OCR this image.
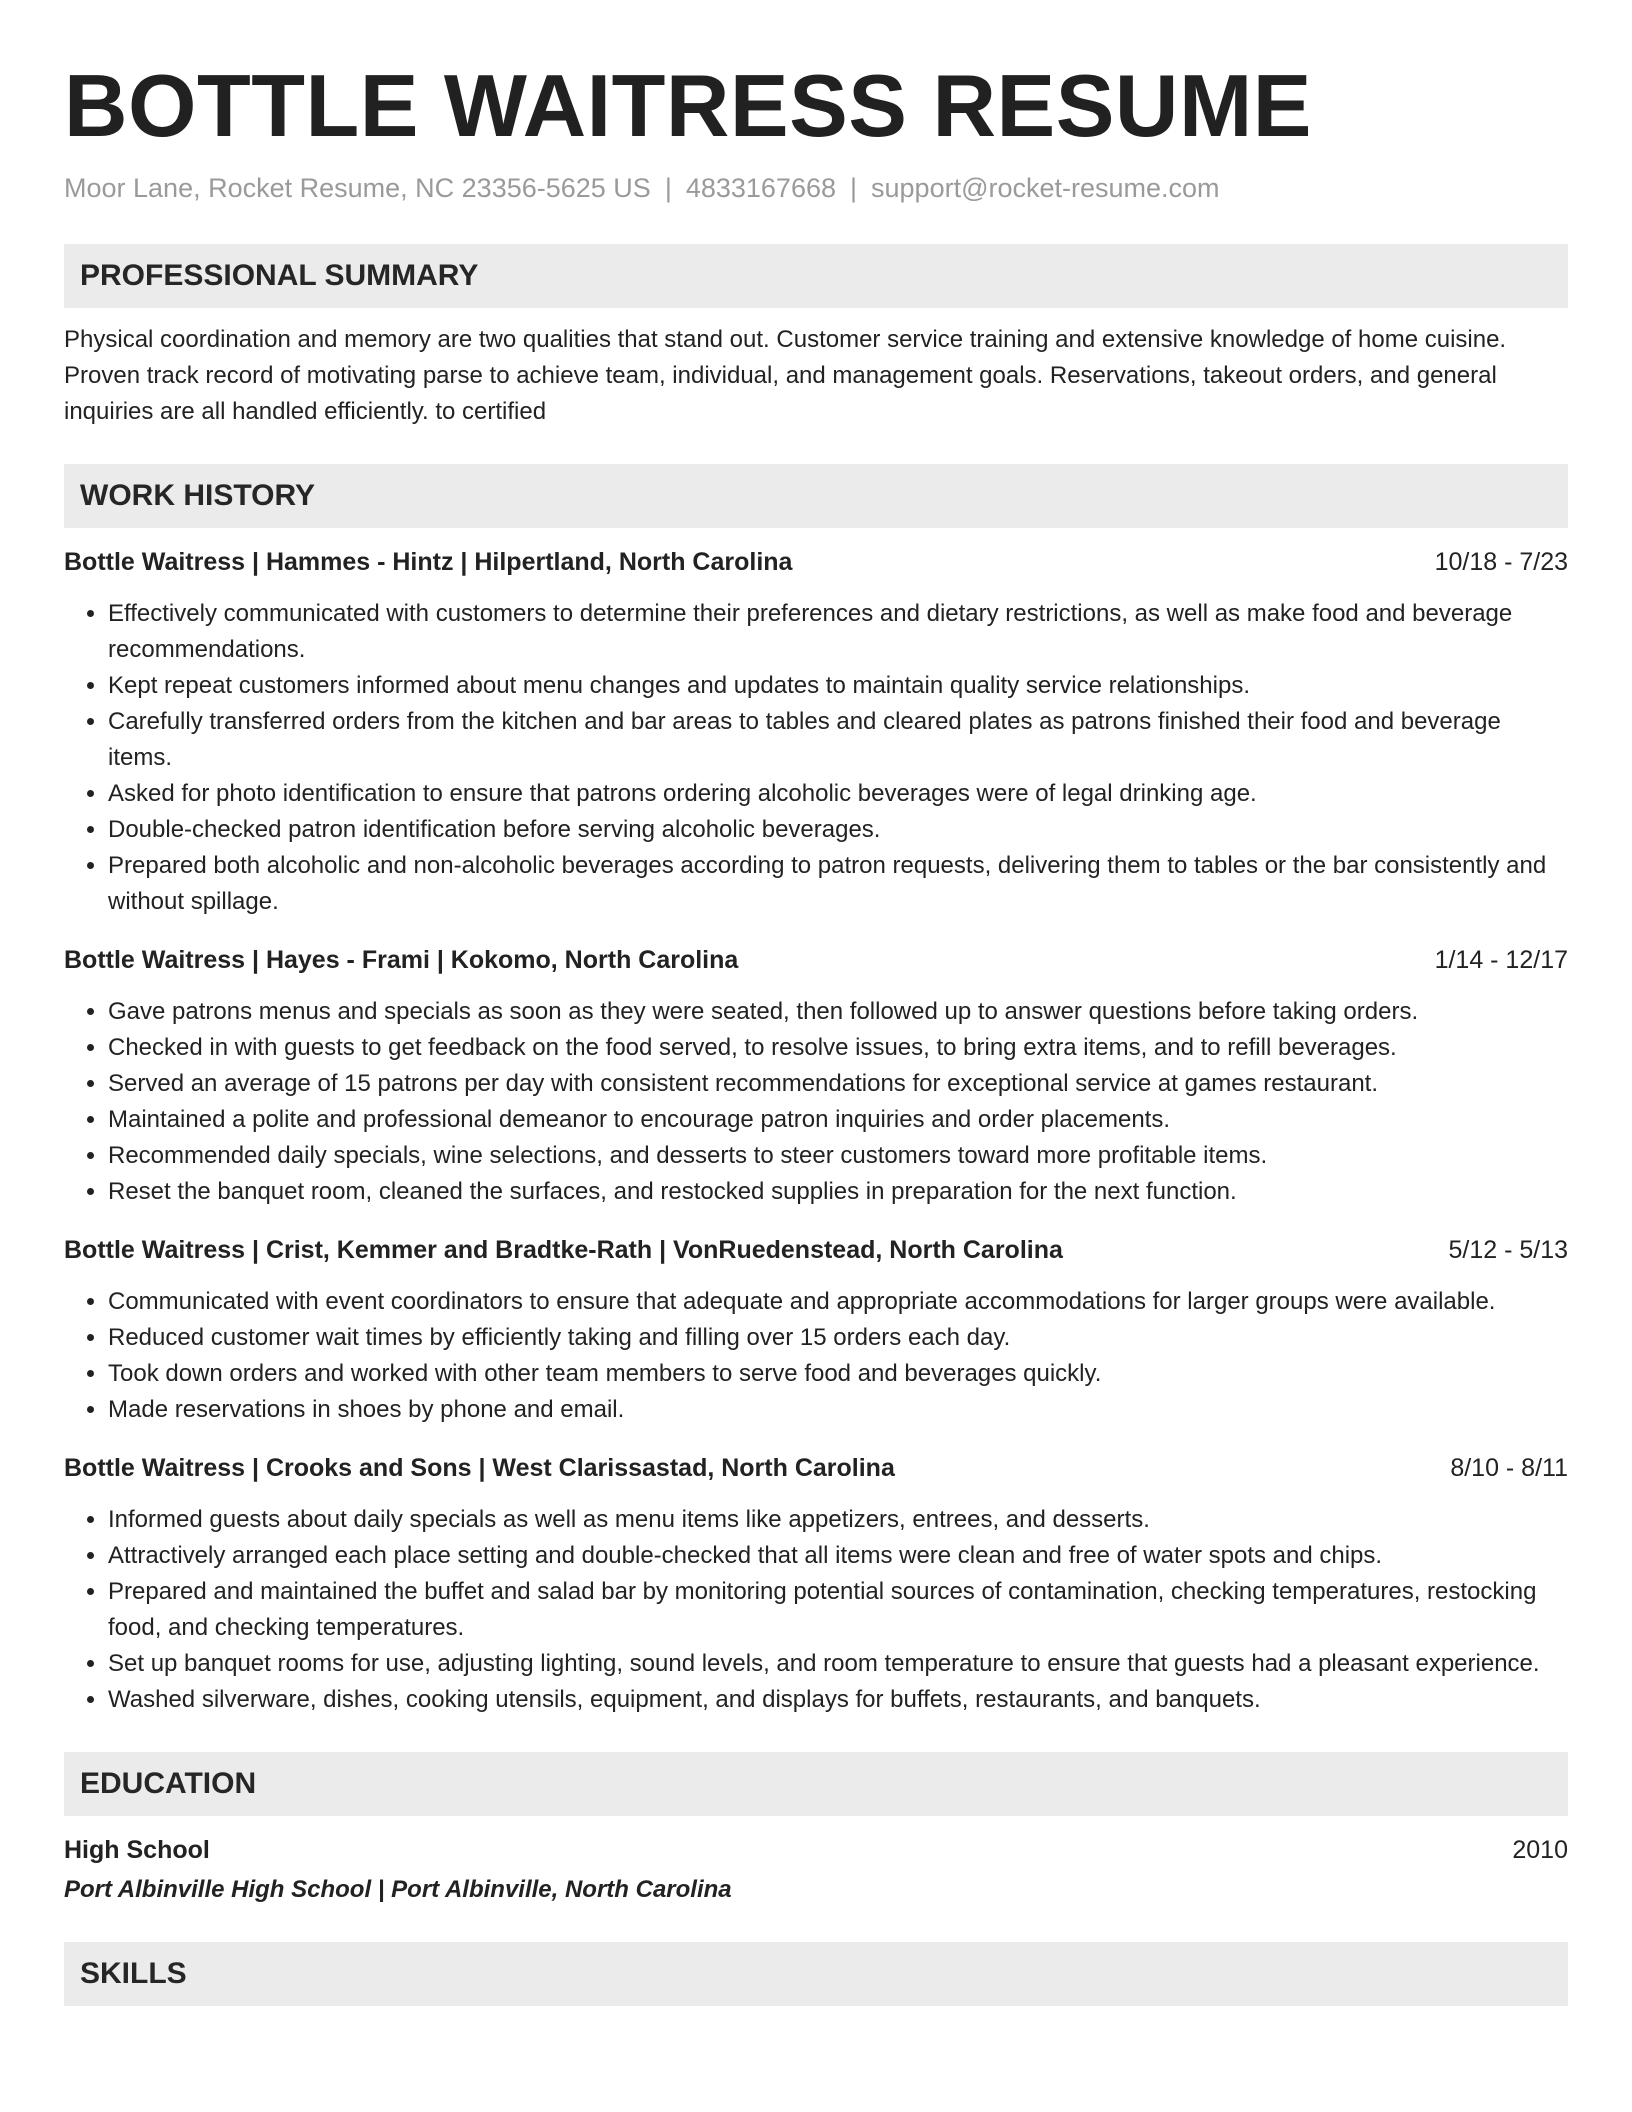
BOTTLE WAITRESS RESUME
Moor Lane, Rocket Resume, NC 23356-5625 US | 4833167668 | support@rocket-resume.com
PROFESSIONAL SUMMARY

Physical coordination and memory are two qualities that stand out. Customer service training and extensive knowledge of home cuisine. Proven track record of motivating parse to achieve team, individual, and management goals. Reservations, takeout orders, and general inquiries are all handled efficiently. to certified

WORK HISTORY
Bottle Waitress | Hammes - Hintz | Hilpertland, North Carolina	10/18 - 7/23
• Effectively communicated with customers to determine their preferences and dietary restrictions, as well as make food and beverage recommendations.
• Kept repeat customers informed about menu changes and updates to maintain quality service relationships.
• Carefully transferred orders from the kitchen and bar areas to tables and cleared plates as patrons finished their food and beverage items.
• Asked for photo identification to ensure that patrons ordering alcoholic beverages were of legal drinking age.
• Double-checked patron identification before serving alcoholic beverages.
• Prepared both alcoholic and non-alcoholic beverages according to patron requests, delivering them to tables or the bar consistently and without spillage.
Bottle Waitress | Hayes - Frami | Kokomo, North Carolina	1/14 - 12/17
• Gave patrons menus and specials as soon as they were seated, then followed up to answer questions before taking orders.
• Checked in with guests to get feedback on the food served, to resolve issues, to bring extra items, and to refill beverages.
• Served an average of 15 patrons per day with consistent recommendations for exceptional service at games restaurant.
• Maintained a polite and professional demeanor to encourage patron inquiries and order placements.
• Recommended daily specials, wine selections, and desserts to steer customers toward more profitable items.
• Reset the banquet room, cleaned the surfaces, and restocked supplies in preparation for the next function.
Bottle Waitress | Crist, Kemmer and Bradtke-Rath | VonRuedenstead, North Carolina	5/12 - 5/13
• Communicated with event coordinators to ensure that adequate and appropriate accommodations for larger groups were available.
• Reduced customer wait times by efficiently taking and filling over 15 orders each day.
• Took down orders and worked with other team members to serve food and beverages quickly.
• Made reservations in shoes by phone and email.
Bottle Waitress | Crooks and Sons | West Clarissastad, North Carolina	8/10 - 8/11
• Informed guests about daily specials as well as menu items like appetizers, entrees, and desserts.
• Attractively arranged each place setting and double-checked that all items were clean and free of water spots and chips.
• Prepared and maintained the buffet and salad bar by monitoring potential sources of contamination, checking temperatures, restocking food, and checking temperatures.
• Set up banquet rooms for use, adjusting lighting, sound levels, and room temperature to ensure that guests had a pleasant experience.
• Washed silverware, dishes, cooking utensils, equipment, and displays for buffets, restaurants, and banquets.
EDUCATION
High School	2010
Port Albinville High School | Port Albinville, North Carolina
SKILLS
